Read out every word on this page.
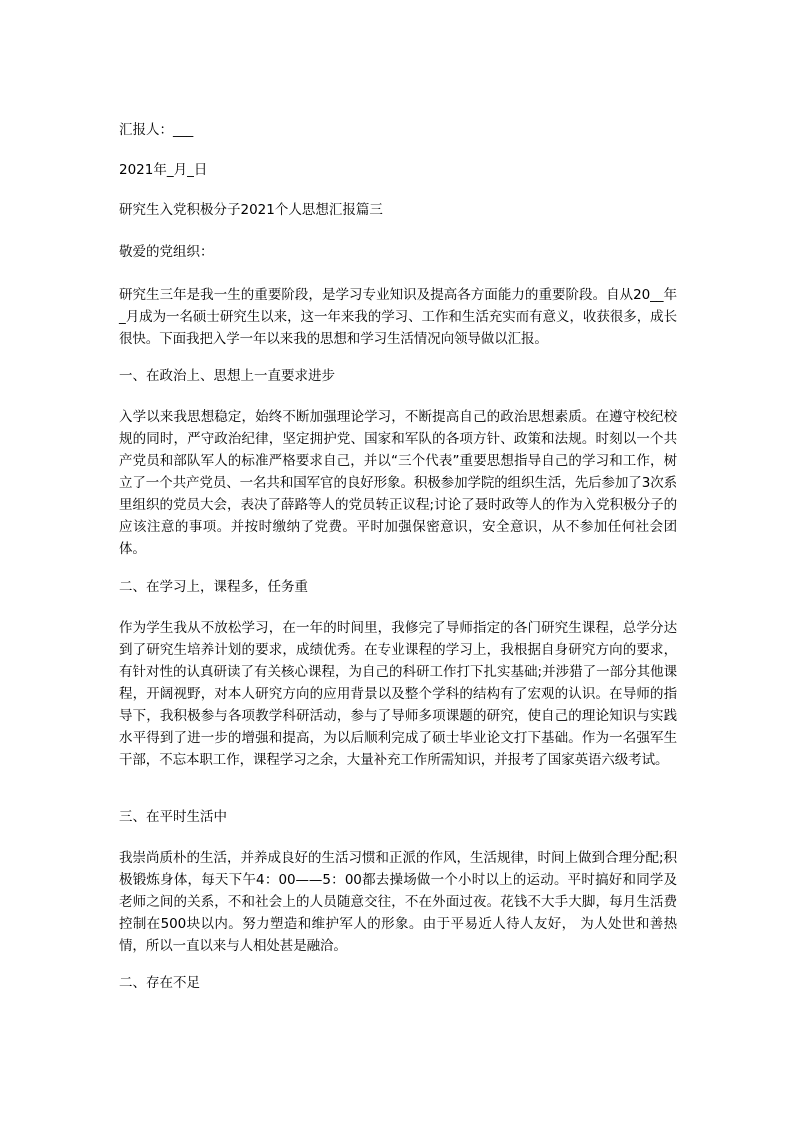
汇报人：___
2021年_月_日
研究生入党积极分子2021个人思想汇报篇三
敬爱的党组织：
研究生三年是我一生的重要阶段，是学习专业知识及提高各方面能力的重要阶段。自从20__年_月成为一名硕士研究生以来，这一年来我的学习、工作和生活充实而有意义，收获很多，成长很快。下面我把入学一年以来我的思想和学习生活情况向领导做以汇报。
一、在政治上、思想上一直要求进步
入学以来我思想稳定，始终不断加强理论学习，不断提高自己的政治思想素质。在遵守校纪校规的同时，严守政治纪律，坚定拥护党、国家和军队的各项方针、政策和法规。时刻以一个共产党员和部队军人的标准严格要求自己，并以“三个代表”重要思想指导自己的学习和工作，树立了一个共产党员、一名共和国军官的良好形象。积极参加学院的组织生活，先后参加了3次系里组织的党员大会，表决了薛路等人的党员转正议程;讨论了聂时政等人的作为入党积极分子的应该注意的事项。并按时缴纳了党费。平时加强保密意识，安全意识，从不参加任何社会团体。
二、在学习上，课程多，任务重
作为学生我从不放松学习，在一年的时间里，我修完了导师指定的各门研究生课程，总学分达到了研究生培养计划的要求，成绩优秀。在专业课程的学习上，我根据自身研究方向的要求，有针对性的认真研读了有关核心课程，为自己的科研工作打下扎实基础;并涉猎了一部分其他课程，开阔视野，对本人研究方向的应用背景以及整个学科的结构有了宏观的认识。在导师的指导下，我积极参与各项教学科研活动，参与了导师多项课题的研究，使自己的理论知识与实践水平得到了进一步的增强和提高，为以后顺利完成了硕士毕业论文打下基础。作为一名强军生干部，不忘本职工作，课程学习之余，大量补充工作所需知识，并报考了国家英语六级考试。
三、在平时生活中
我崇尚质朴的生活，并养成良好的生活习惯和正派的作风，生活规律，时间上做到合理分配;积极锻炼身体，每天下午4：00——5：00都去操场做一个小时以上的运动。平时搞好和同学及老师之间的关系，不和社会上的人员随意交往，不在外面过夜。花钱不大手大脚，每月生活费控制在500块以内。努力塑造和维护军人的形象。由于平易近人待人友好， 为人处世和善热情，所以一直以来与人相处甚是融洽。
二、存在不足
